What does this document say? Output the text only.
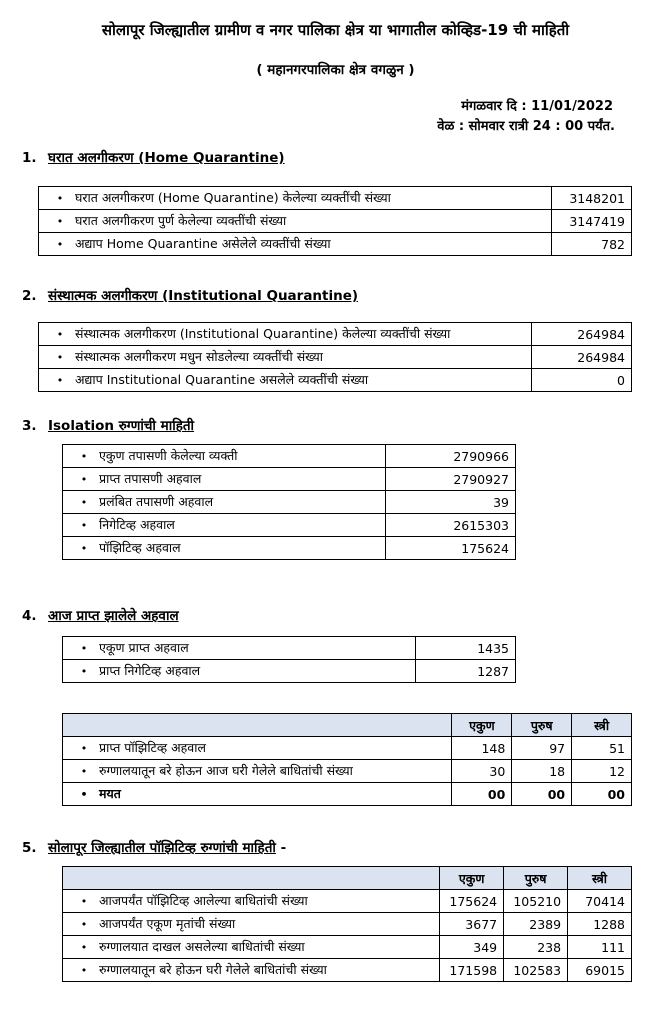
सोलापूर जिल्ह्यातील ग्रामीण व नगर पालिका क्षेत्र या भागातील कोव्हिड-19 ची माहिती
( महानगरपालिका क्षेत्र वगळुन )
मंगळवार दि : 11/01/2022
वेळ : सोमवार रात्री 24 : 00 पर्यंत.
1. घरात अलगीकरण (Home Quarantine)
• घरात अलगीकरण (Home Quarantine) केलेल्या व्यक्तींची संख्या	3148201
• घरात अलगीकरण पुर्ण केलेल्या व्यक्तींची संख्या	3147419
• अद्याप Home Quarantine असेलेले व्यक्तींची संख्या	782
2. संस्थात्मक अलगीकरण (Institutional Quarantine)
• संस्थात्मक अलगीकरण (Institutional Quarantine) केलेल्या व्यक्तींची संख्या	264984
• संस्थात्मक अलगीकरण मधुन सोडलेल्या व्यक्तींची संख्या	264984
• अद्याप Institutional Quarantine असलेले व्यक्तींची संख्या	0
3. Isolation रुग्णांची माहिती
• एकुण तपासणी केलेल्या व्यक्ती	2790966
• प्राप्त तपासणी अहवाल	2790927
• प्रलंबित तपासणी अहवाल	39
• निगेटिव्ह अहवाल	2615303
• पॉझिटिव्ह अहवाल	175624
4. आज प्राप्त झालेले अहवाल
• एकूण प्राप्त अहवाल	1435
• प्राप्त निगेटिव्ह अहवाल	1287
	एकुण	पुरुष	स्त्री
• प्राप्त पॉझिटिव्ह अहवाल	148	97	51
• रुग्णालयातून बरे होऊन आज घरी गेलेले बाधितांची संख्या	30	18	12
• मयत	00	00	00
5. सोलापूर जिल्ह्यातील पॉझिटिव्ह रुग्णांची माहिती -
	एकुण	पुरुष	स्त्री
• आजपर्यंत पॉझिटिव्ह आलेल्या बाधितांची संख्या	175624	105210	70414
• आजपर्यंत एकूण मृतांची संख्या	3677	2389	1288
• रुग्णालयात दाखल असलेल्या बाधितांची संख्या	349	238	111
• रुग्णालयातून बरे होऊन घरी गेलेले बाधितांची संख्या	171598	102583	69015
